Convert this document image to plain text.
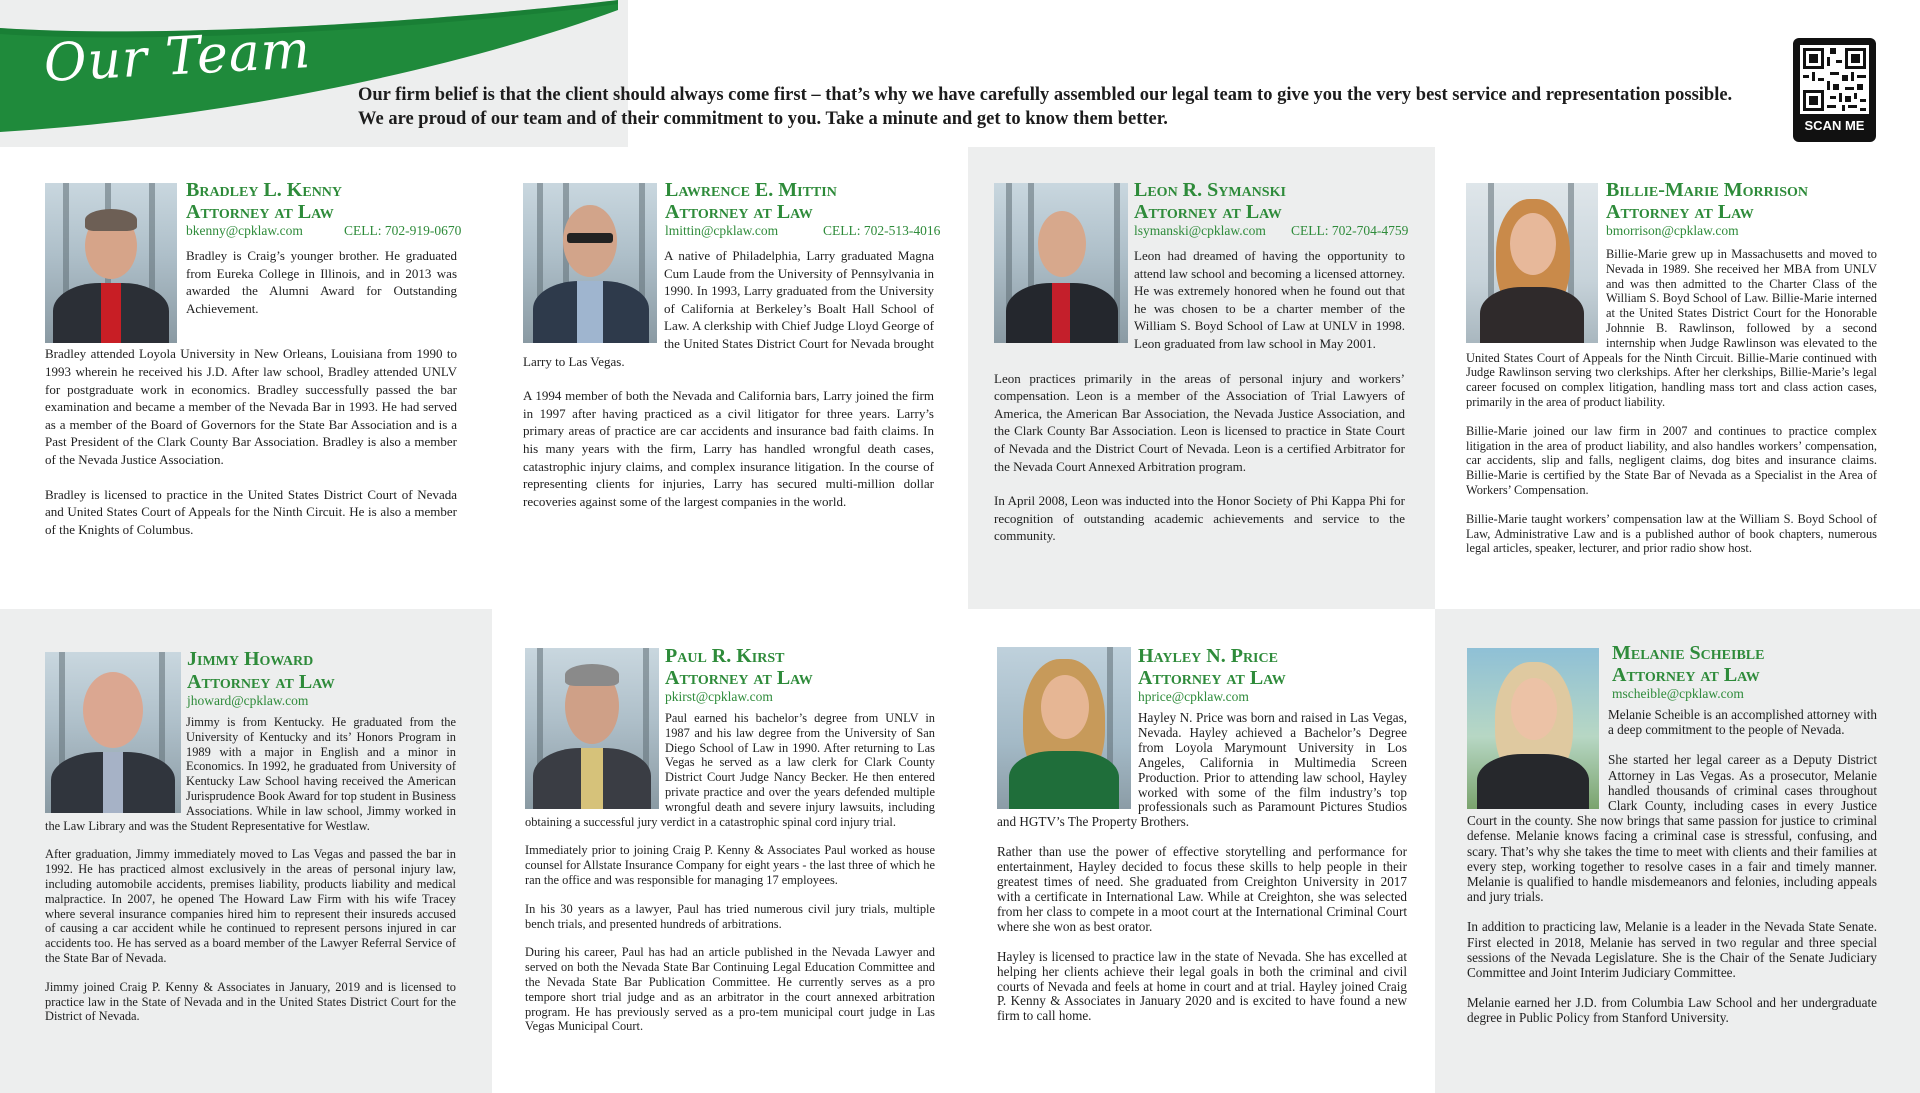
Our Team
Our firm belief is that the client should always come first – that’s why we have carefully assembled our legal team to give you the very best service and representation possible. We are proud of our team and of their commitment to you. Take a minute and get to know them better.	SCAN ME
Bradley L. Kenny
Attorney at Law
bkenny@cpklaw.com	CELL: 702-919-0670

Bradley is Craig’s younger brother. He graduated from Eureka College in Illinois, and in 2013 was awarded the Alumni Award for Outstanding Achievement.

Bradley attended Loyola University in New Orleans, Louisiana from 1990 to 1993 wherein he received his J.D. After law school, Bradley attended UNLV for postgraduate work in economics. Bradley successfully passed the bar examination and became a member of the Nevada Bar in 1993. He had served as a member of the Board of Governors for the State Bar Association and is a Past President of the Clark County Bar Association. Bradley is also a member of the Nevada Justice Association.

Bradley is licensed to practice in the United States District Court of Nevada and United States Court of Appeals for the Ninth Circuit. He is also a member of the Knights of Columbus.

Lawrence E. Mittin
Attorney at Law
lmittin@cpklaw.com	CELL: 702-513-4016

A native of Philadelphia, Larry graduated Magna Cum Laude from the University of Pennsylvania in 1990. In 1993, Larry graduated from the University of California at Berkeley’s Boalt Hall School of Law. A clerkship with Chief Judge Lloyd George of the United States District Court for Nevada brought Larry to Las Vegas.

A 1994 member of both the Nevada and California bars, Larry joined the firm in 1997 after having practiced as a civil litigator for three years. Larry’s primary areas of practice are car accidents and insurance bad faith claims. In his many years with the firm, Larry has handled wrongful death cases, catastrophic injury claims, and complex insurance litigation. In the course of representing clients for injuries, Larry has secured multi-million dollar recoveries against some of the largest companies in the world.

Leon R. Symanski
Attorney at Law
lsymanski@cpklaw.com CELL: 702-704-4759

Leon had dreamed of having the opportunity to attend law school and becoming a licensed attorney. He was extremely honored when he found out that he was chosen to be a charter member of the William S. Boyd School of Law at UNLV in 1998. Leon graduated from law school in May 2001.

Leon practices primarily in the areas of personal injury and workers’ compensation. Leon is a member of the Association of Trial Lawyers of America, the American Bar Association, the Nevada Justice Association, and the Clark County Bar Association. Leon is licensed to practice in State Court of Nevada and the District Court of Nevada. Leon is a certified Arbitrator for the Nevada Court Annexed Arbitration program.

In April 2008, Leon was inducted into the Honor Society of Phi Kappa Phi for recognition of outstanding academic achievements and service to the community.

Billie-Marie Morrison
Attorney at Law
bmorrison@cpklaw.com

Billie-Marie grew up in Massachusetts and moved to Nevada in 1989. She received her MBA from UNLV and was then admitted to the Charter Class of the William S. Boyd School of Law. Billie-Marie interned at the United States District Court for the Honorable Johnnie B. Rawlinson, followed by a second internship when Judge Rawlinson was elevated to the United States Court of Appeals for the Ninth Circuit. Billie-Marie continued with Judge Rawlinson serving two clerkships. After her clerkships, Billie-Marie’s legal career focused on complex litigation, handling mass tort and class action cases, primarily in the area of product liability.

Billie-Marie joined our law firm in 2007 and continues to practice complex litigation in the area of product liability, and also handles workers’ compensation, car accidents, slip and falls, negligent claims, dog bites and insurance claims. Billie-Marie is certified by the State Bar of Nevada as a Specialist in the Area of Workers’ Compensation.

Billie-Marie taught workers’ compensation law at the William S. Boyd School of Law, Administrative Law and is a published author of book chapters, numerous legal articles, speaker, lecturer, and prior radio show host.

Jimmy Howard
Attorney at Law
jhoward@cpklaw.com

Jimmy is from Kentucky. He graduated from the University of Kentucky and its’ Honors Program in 1989 with a major in English and a minor in Economics. In 1992, he graduated from University of Kentucky Law School having received the American Jurisprudence Book Award for top student in Business Associations. While in law school, Jimmy worked in the Law Library and was the Student Representative for Westlaw.

After graduation, Jimmy immediately moved to Las Vegas and passed the bar in 1992. He has practiced almost exclusively in the areas of personal injury law, including automobile accidents, premises liability, products liability and medical malpractice. In 2007, he opened The Howard Law Firm with his wife Tracey where several insurance companies hired him to represent their insureds accused of causing a car accident while he continued to represent persons injured in car accidents too. He has served as a board member of the Lawyer Referral Service of the State Bar of Nevada.

Jimmy joined Craig P. Kenny & Associates in January, 2019 and is licensed to practice law in the State of Nevada and in the United States District Court for the District of Nevada.

Paul R. Kirst
Attorney at Law
pkirst@cpklaw.com

Paul earned his bachelor’s degree from UNLV in 1987 and his law degree from the University of San Diego School of Law in 1990. After returning to Las Vegas he served as a law clerk for Clark County District Court Judge Nancy Becker. He then entered private practice and over the years defended multiple wrongful death and severe injury lawsuits, including obtaining a successful jury verdict in a catastrophic spinal cord injury trial.

Immediately prior to joining Craig P. Kenny & Associates Paul worked as house counsel for Allstate Insurance Company for eight years - the last three of which he ran the office and was responsible for managing 17 employees.

In his 30 years as a lawyer, Paul has tried numerous civil jury trials, multiple bench trials, and presented hundreds of arbitrations.

During his career, Paul has had an article published in the Nevada Lawyer and served on both the Nevada State Bar Continuing Legal Education Committee and the Nevada State Bar Publication Committee. He currently serves as a pro tempore short trial judge and as an arbitrator in the court annexed arbitration program. He has previously served as a pro-tem municipal court judge in Las Vegas Municipal Court.

Hayley N. Price
Attorney at Law
hprice@cpklaw.com

Hayley N. Price was born and raised in Las Vegas, Nevada. Hayley achieved a Bachelor’s Degree from Loyola Marymount University in Los Angeles, California in Multimedia Screen Production. Prior to attending law school, Hayley worked with some of the film industry’s top professionals such as Paramount Pictures Studios and HGTV’s The Property Brothers.

Rather than use the power of effective storytelling and performance for entertainment, Hayley decided to focus these skills to help people in their greatest times of need. She graduated from Creighton University in 2017 with a certificate in International Law. While at Creighton, she was selected from her class to compete in a moot court at the International Criminal Court where she won as best orator.

Hayley is licensed to practice law in the state of Nevada. She has excelled at helping her clients achieve their legal goals in both the criminal and civil courts of Nevada and feels at home in court and at trial. Hayley joined Craig P. Kenny & Associates in January 2020 and is excited to have found a new firm to call home.

Melanie Scheible
Attorney at Law
mscheible@cpklaw.com

Melanie Scheible is an accomplished attorney with a deep commitment to the people of Nevada.

She started her legal career as a Deputy District Attorney in Las Vegas. As a prosecutor, Melanie handled thousands of criminal cases throughout Clark County, including cases in every Justice Court in the county. She now brings that same passion for justice to criminal defense. Melanie knows facing a criminal case is stressful, confusing, and scary. That’s why she takes the time to meet with clients and their families at every step, working together to resolve cases in a fair and timely manner. Melanie is qualified to handle misdemeanors and felonies, including appeals and jury trials.

In addition to practicing law, Melanie is a leader in the Nevada State Senate. First elected in 2018, Melanie has served in two regular and three special sessions of the Nevada Legislature. She is the Chair of the Senate Judiciary Committee and Joint Interim Judiciary Committee.

Melanie earned her J.D. from Columbia Law School and her undergraduate degree in Public Policy from Stanford University.
